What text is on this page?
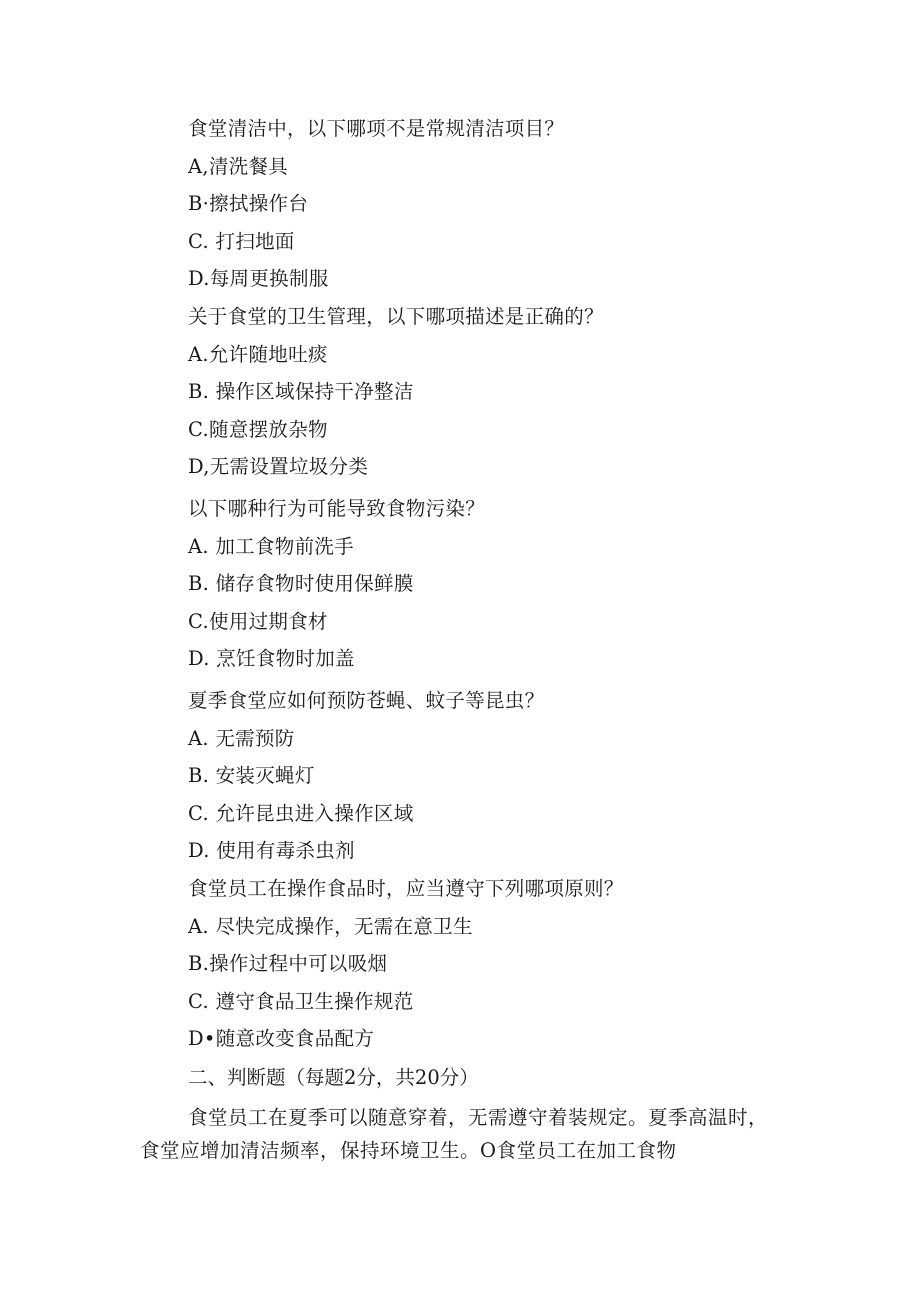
食堂清洁中，以下哪项不是常规清洁项目？
A,清洗餐具
B·擦拭操作台
C. 打扫地面
D.每周更换制服
关于食堂的卫生管理，以下哪项描述是正确的？
A.允许随地吐痰
B. 操作区域保持干净整洁
C.随意摆放杂物
D,无需设置垃圾分类
以下哪种行为可能导致食物污染？
A. 加工食物前洗手
B. 储存食物时使用保鲜膜
C.使用过期食材
D. 烹饪食物时加盖
夏季食堂应如何预防苍蝇、蚊子等昆虫？
A. 无需预防
B. 安装灭蝇灯
C. 允许昆虫进入操作区域
D. 使用有毒杀虫剂
食堂员工在操作食品时，应当遵守下列哪项原则？
A. 尽快完成操作，无需在意卫生
B.操作过程中可以吸烟
C. 遵守食品卫生操作规范
D•随意改变食品配方
二、判断题（每题2分，共20分）
食堂员工在夏季可以随意穿着，无需遵守着装规定。夏季高温时，食堂应增加清洁频率，保持环境卫生。O食堂员工在加工食物
